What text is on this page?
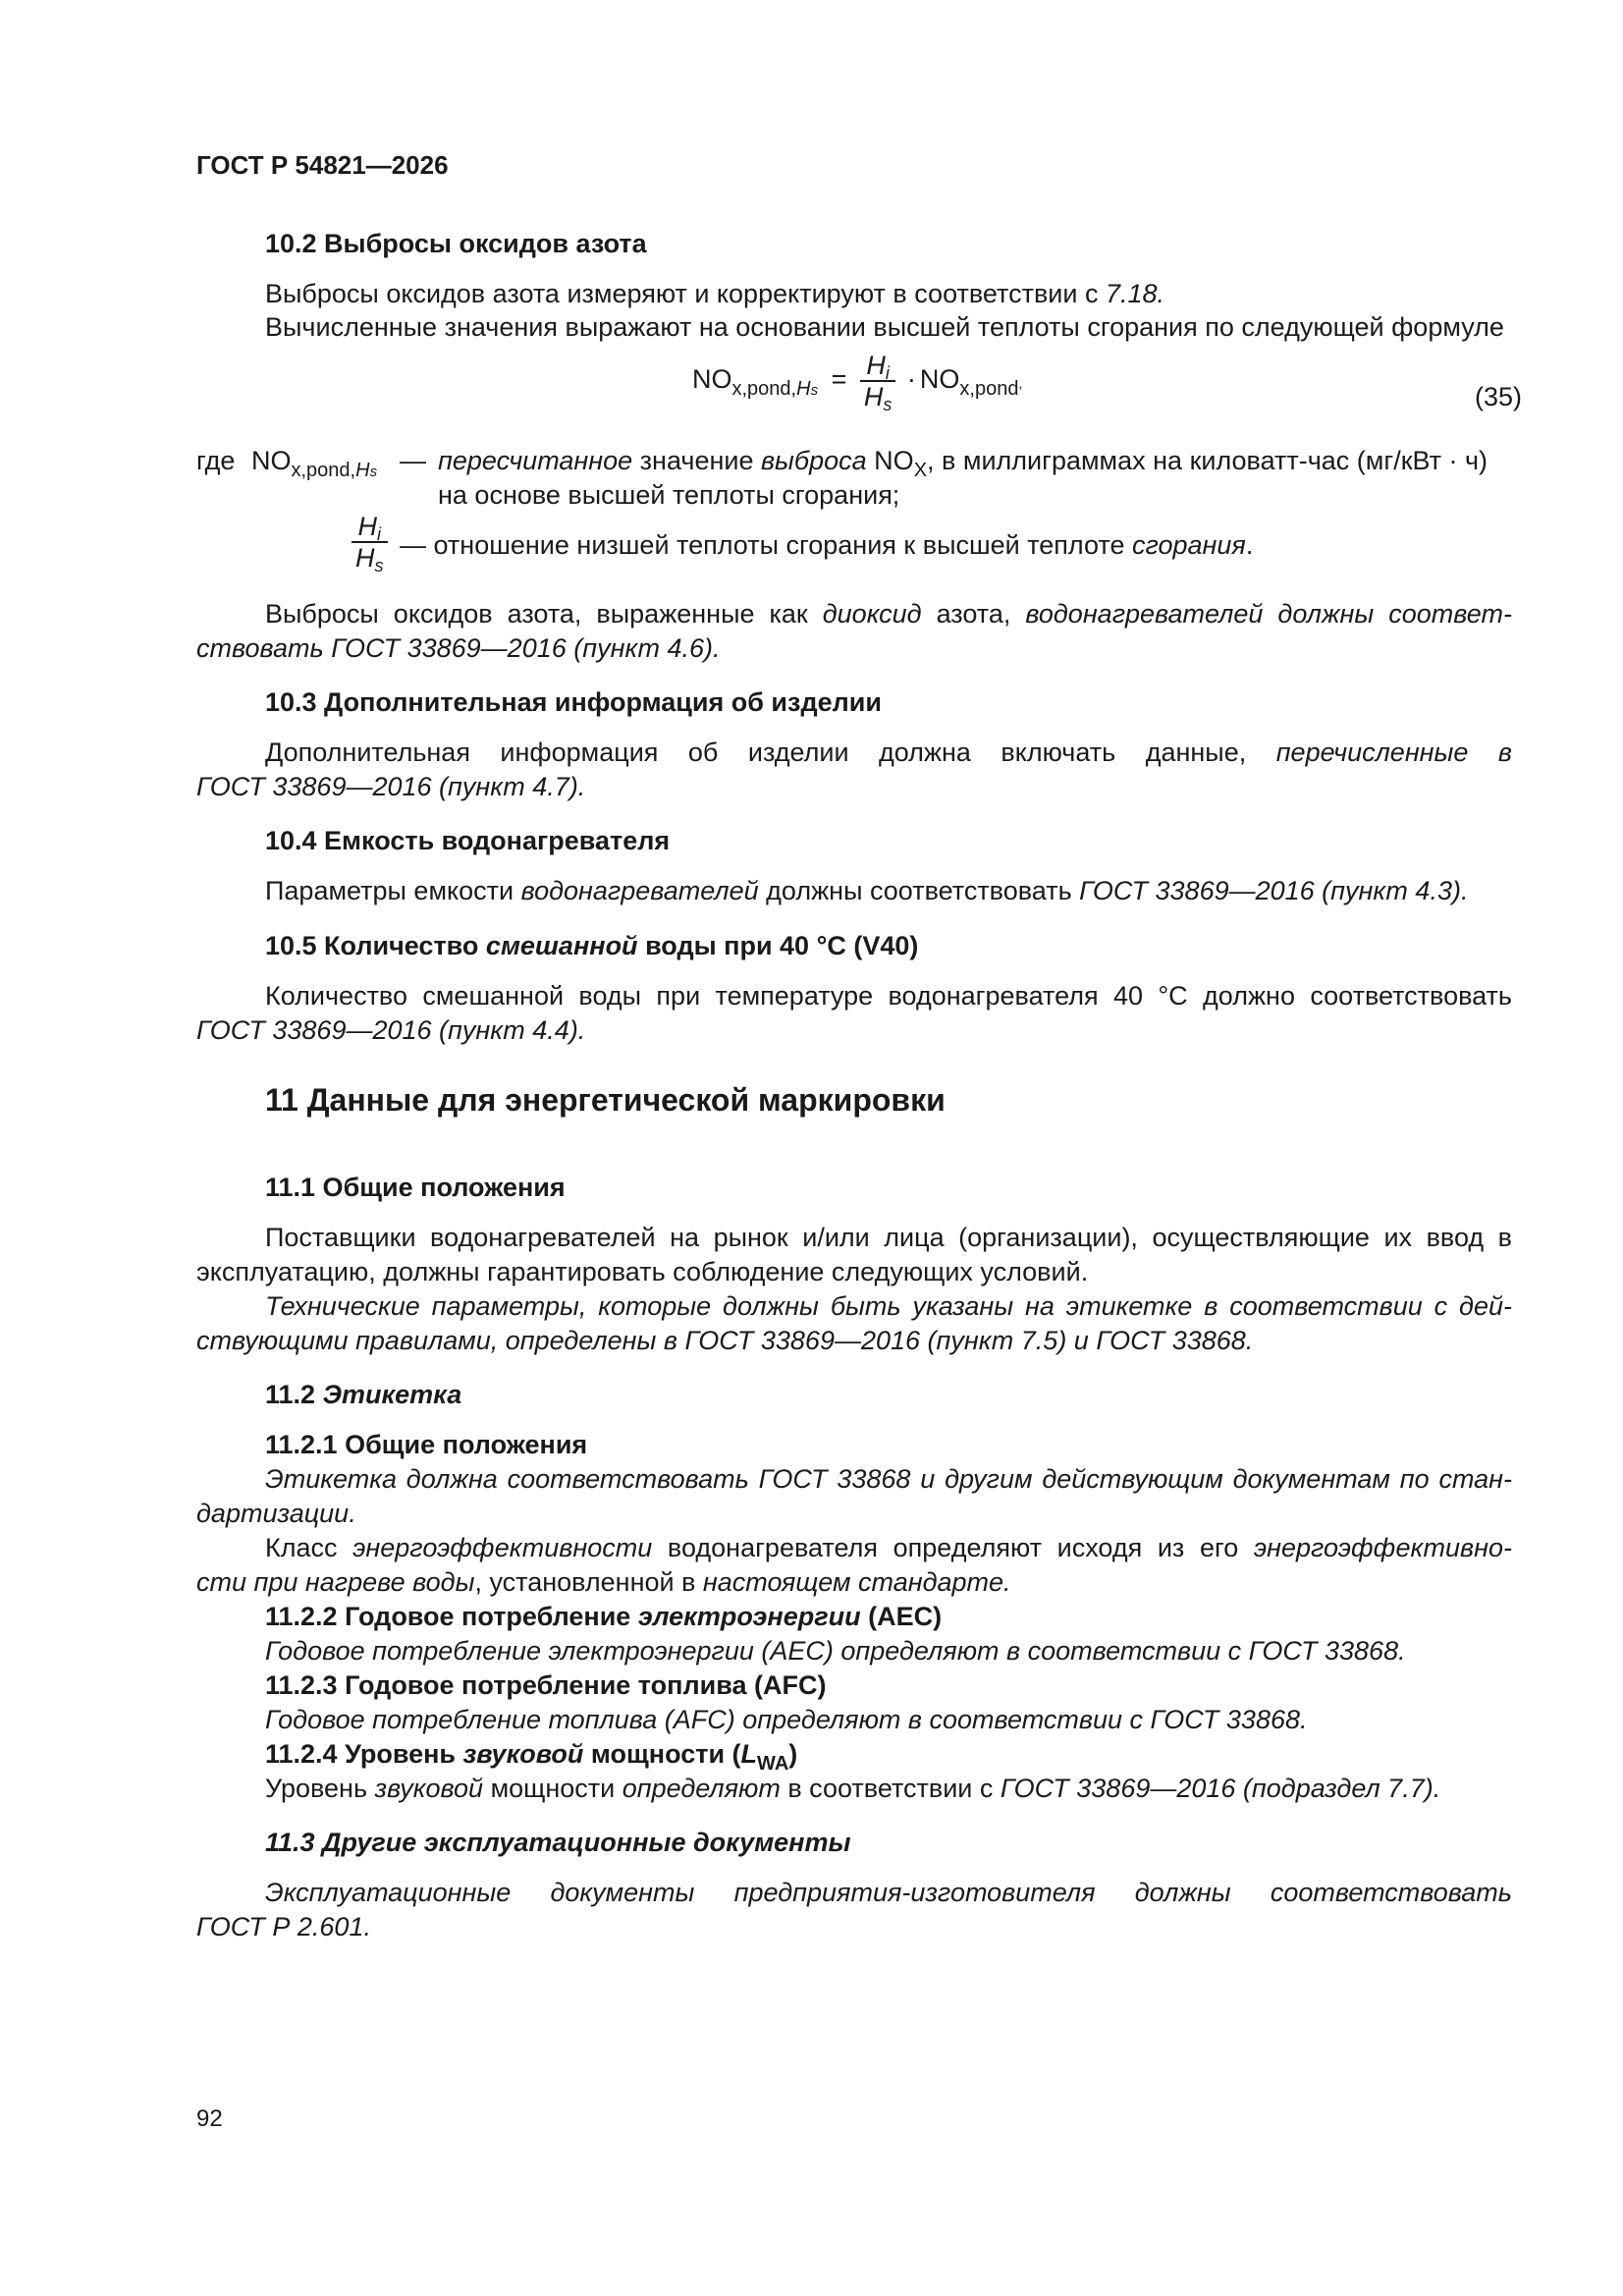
ГОСТ Р 54821—2026
10.2 Выбросы оксидов азота
Выбросы оксидов азота измеряют и корректируют в соответствии с 7.18.
Вычисленные значения выражают на основании высшей теплоты сгорания по следующей формуле
$NO_{x,pond,Hs} = \frac{H_i}{H_s} \cdot NO_{x,pond}$,	(35)
где $NO_{x,pond,Hs}$ — пересчитанное значение выброса $NO_X$, в миллиграммах на киловатт-час (мг/кВт · ч)
на основе высшей теплоты сгорания;
$\frac{H_i}{H_s}$ — отношение низшей теплоты сгорания к высшей теплоте сгорания.
Выбросы оксидов азота, выраженные как диоксид азота, водонагревателей должны соответ-
ствовать ГОСТ 33869—2016 (пункт 4.6).
10.3 Дополнительная информация об изделии
Дополнительная информация об изделии должна включать данные, перечисленные в
ГОСТ 33869—2016 (пункт 4.7).
10.4 Емкость водонагревателя
Параметры емкости водонагревателей должны соответствовать ГОСТ 33869—2016 (пункт 4.3).
10.5 Количество смешанной воды при 40 °C (V40)
Количество смешанной воды при температуре водонагревателя 40 °C должно соответствовать
ГОСТ 33869—2016 (пункт 4.4).
11 Данные для энергетической маркировки
11.1 Общие положения
Поставщики водонагревателей на рынок и/или лица (организации), осуществляющие их ввод в
эксплуатацию, должны гарантировать соблюдение следующих условий.
Технические параметры, которые должны быть указаны на этикетке в соответствии с дей-
ствующими правилами, определены в ГОСТ 33869—2016 (пункт 7.5) и ГОСТ 33868.
11.2 Этикетка
11.2.1 Общие положения
Этикетка должна соответствовать ГОСТ 33868 и другим действующим документам по стан-
дартизации.
Класс энергоэффективности водонагревателя определяют исходя из его энергоэффективно-
сти при нагреве воды, установленной в настоящем стандарте.
11.2.2 Годовое потребление электроэнергии (AEC)
Годовое потребление электроэнергии (AEC) определяют в соответствии с ГОСТ 33868.
11.2.3 Годовое потребление топлива (AFC)
Годовое потребление топлива (AFC) определяют в соответствии с ГОСТ 33868.
11.2.4 Уровень звуковой мощности $(L_{WA})$
Уровень звуковой мощности определяют в соответствии с ГОСТ 33869—2016 (подраздел 7.7).
11.3 Другие эксплуатационные документы
Эксплуатационные документы предприятия-изготовителя должны соответствовать
ГОСТ Р 2.601.
92
